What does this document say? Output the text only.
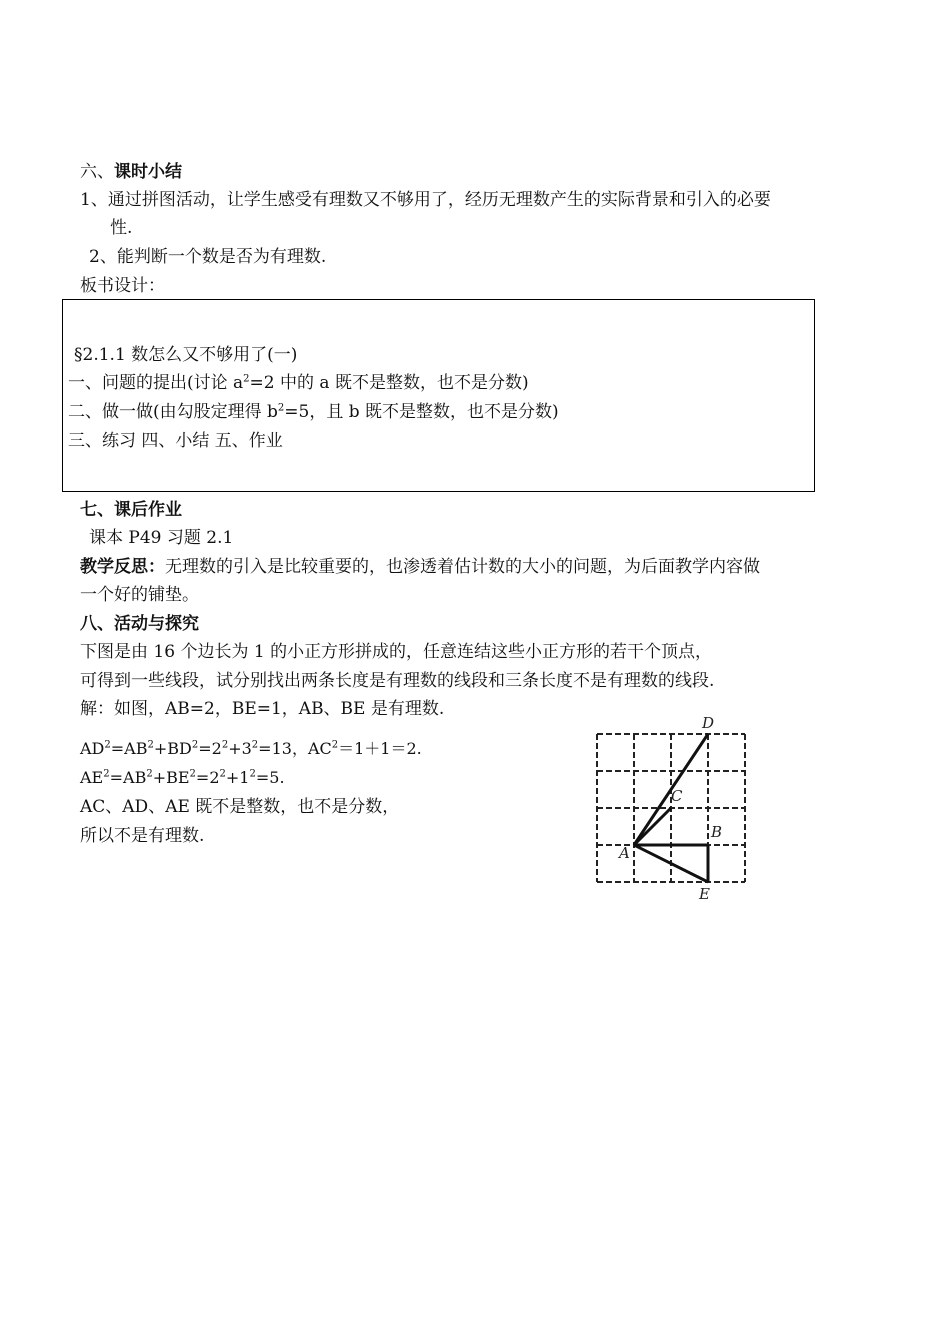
六、课时小结
1、通过拼图活动，让学生感受有理数又不够用了，经历无理数产生的实际背景和引入的必要
性.
2、能判断一个数是否为有理数.
板书设计：
§2.1.1 数怎么又不够用了(一)
一、问题的提出(讨论 $a^2=2$ 中的 a 既不是整数，也不是分数)
二、做一做(由勾股定理得 $b^2=5$，且 b 既不是整数，也不是分数)
三、练习 四、小结 五、作业
七、课后作业
课本 P49 习题 2.1
教学反思：无理数的引入是比较重要的，也渗透着估计数的大小的问题，为后面教学内容做
一个好的铺垫。
八、活动与探究
下图是由 16 个边长为 1 的小正方形拼成的，任意连结这些小正方形的若干个顶点，
可得到一些线段，试分别找出两条长度是有理数的线段和三条长度不是有理数的线段.
解：如图，AB=2，BE=1，AB、BE 是有理数.
$AD^2=AB^2+BD^2=2^2+3^2=13$，$AC^2=1+1=2$.
$AE^2=AB^2+BE^2=2^2+1^2=5$.
AC、AD、AE 既不是整数，也不是分数，
所以不是有理数.
D
C
B
A
E
